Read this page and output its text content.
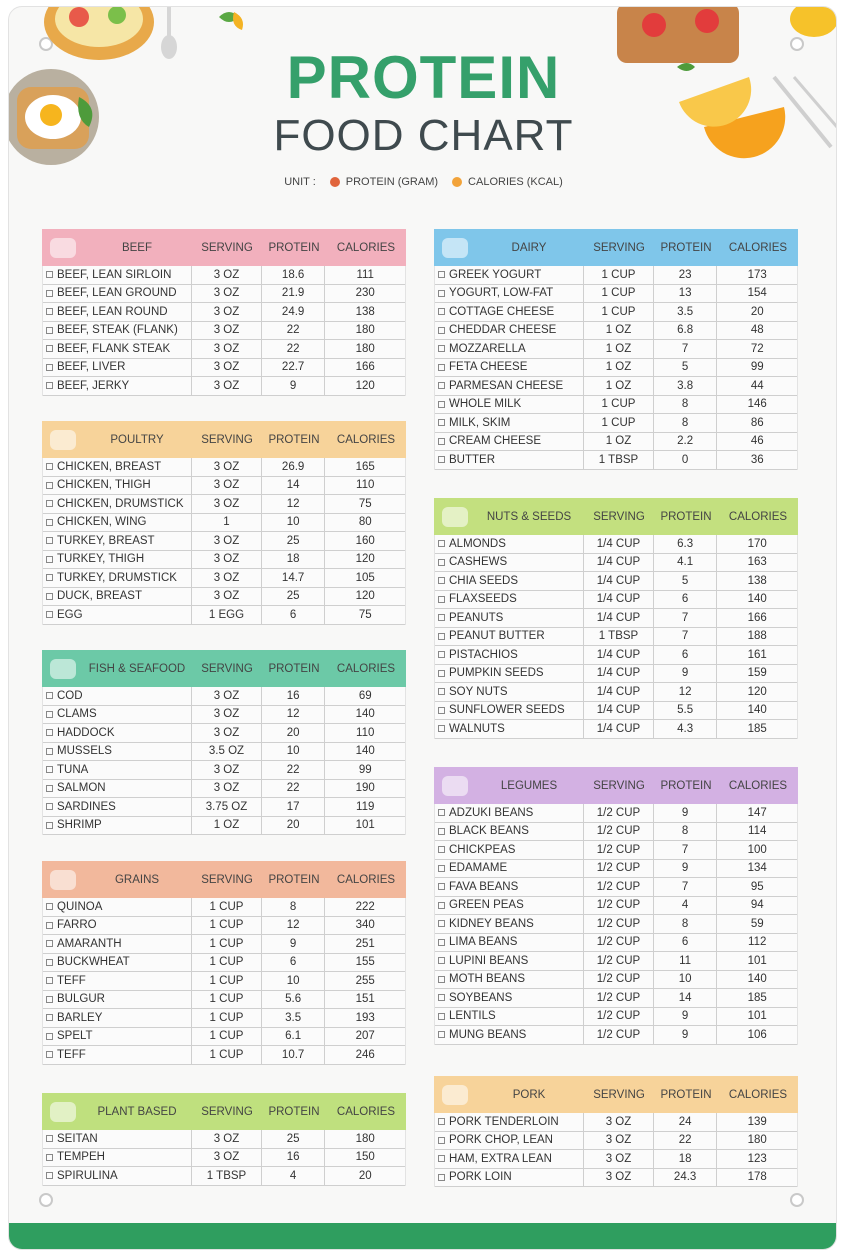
PROTEIN
FOOD CHART
UNIT :	PROTEIN (GRAM)	CALORIES (KCAL)
BEEF	SERVING	PROTEIN	CALORIES
BEEF, LEAN SIRLOIN	3 OZ	18.6	111
BEEF, LEAN GROUND	3 OZ	21.9	230
BEEF, LEAN ROUND	3 OZ	24.9	138
BEEF, STEAK (FLANK)	3 OZ	22	180
BEEF, FLANK STEAK	3 OZ	22	180
BEEF, LIVER	3 OZ	22.7	166
BEEF, JERKY	3 OZ	9	120
POULTRY	SERVING	PROTEIN	CALORIES
CHICKEN, BREAST	3 OZ	26.9	165
CHICKEN, THIGH	3 OZ	14	110
CHICKEN, DRUMSTICK	3 OZ	12	75
CHICKEN, WING	1	10	80
TURKEY, BREAST	3 OZ	25	160
TURKEY, THIGH	3 OZ	18	120
TURKEY, DRUMSTICK	3 OZ	14.7	105
DUCK, BREAST	3 OZ	25	120
EGG	1 EGG	6	75
FISH & SEAFOOD	SERVING	PROTEIN	CALORIES
COD	3 OZ	16	69
CLAMS	3 OZ	12	140
HADDOCK	3 OZ	20	110
MUSSELS	3.5 OZ	10	140
TUNA	3 OZ	22	99
SALMON	3 OZ	22	190
SARDINES	3.75 OZ	17	119
SHRIMP	1 OZ	20	101
GRAINS	SERVING	PROTEIN	CALORIES
QUINOA	1 CUP	8	222
FARRO	1 CUP	12	340
AMARANTH	1 CUP	9	251
BUCKWHEAT	1 CUP	6	155
TEFF	1 CUP	10	255
BULGUR	1 CUP	5.6	151
BARLEY	1 CUP	3.5	193
SPELT	1 CUP	6.1	207
TEFF	1 CUP	10.7	246
PLANT BASED	SERVING	PROTEIN	CALORIES
SEITAN	3 OZ	25	180
TEMPEH	3 OZ	16	150
SPIRULINA	1 TBSP	4	20
DAIRY	SERVING	PROTEIN	CALORIES
GREEK YOGURT	1 CUP	23	173
YOGURT, LOW-FAT	1 CUP	13	154
COTTAGE CHEESE	1 CUP	3.5	20
CHEDDAR CHEESE	1 OZ	6.8	48
MOZZARELLA	1 OZ	7	72
FETA CHEESE	1 OZ	5	99
PARMESAN CHEESE	1 OZ	3.8	44
WHOLE MILK	1 CUP	8	146
MILK, SKIM	1 CUP	8	86
CREAM CHEESE	1 OZ	2.2	46
BUTTER	1 TBSP	0	36
NUTS & SEEDS	SERVING	PROTEIN	CALORIES
ALMONDS	1/4 CUP	6.3	170
CASHEWS	1/4 CUP	4.1	163
CHIA SEEDS	1/4 CUP	5	138
FLAXSEEDS	1/4 CUP	6	140
PEANUTS	1/4 CUP	7	166
PEANUT BUTTER	1 TBSP	7	188
PISTACHIOS	1/4 CUP	6	161
PUMPKIN SEEDS	1/4 CUP	9	159
SOY NUTS	1/4 CUP	12	120
SUNFLOWER SEEDS	1/4 CUP	5.5	140
WALNUTS	1/4 CUP	4.3	185
LEGUMES	SERVING	PROTEIN	CALORIES
ADZUKI BEANS	1/2 CUP	9	147
BLACK BEANS	1/2 CUP	8	114
CHICKPEAS	1/2 CUP	7	100
EDAMAME	1/2 CUP	9	134
FAVA BEANS	1/2 CUP	7	95
GREEN PEAS	1/2 CUP	4	94
KIDNEY BEANS	1/2 CUP	8	59
LIMA BEANS	1/2 CUP	6	112
LUPINI BEANS	1/2 CUP	11	101
MOTH BEANS	1/2 CUP	10	140
SOYBEANS	1/2 CUP	14	185
LENTILS	1/2 CUP	9	101
MUNG BEANS	1/2 CUP	9	106
PORK	SERVING	PROTEIN	CALORIES
PORK TENDERLOIN	3 OZ	24	139
PORK CHOP, LEAN	3 OZ	22	180
HAM, EXTRA LEAN	3 OZ	18	123
PORK LOIN	3 OZ	24.3	178
